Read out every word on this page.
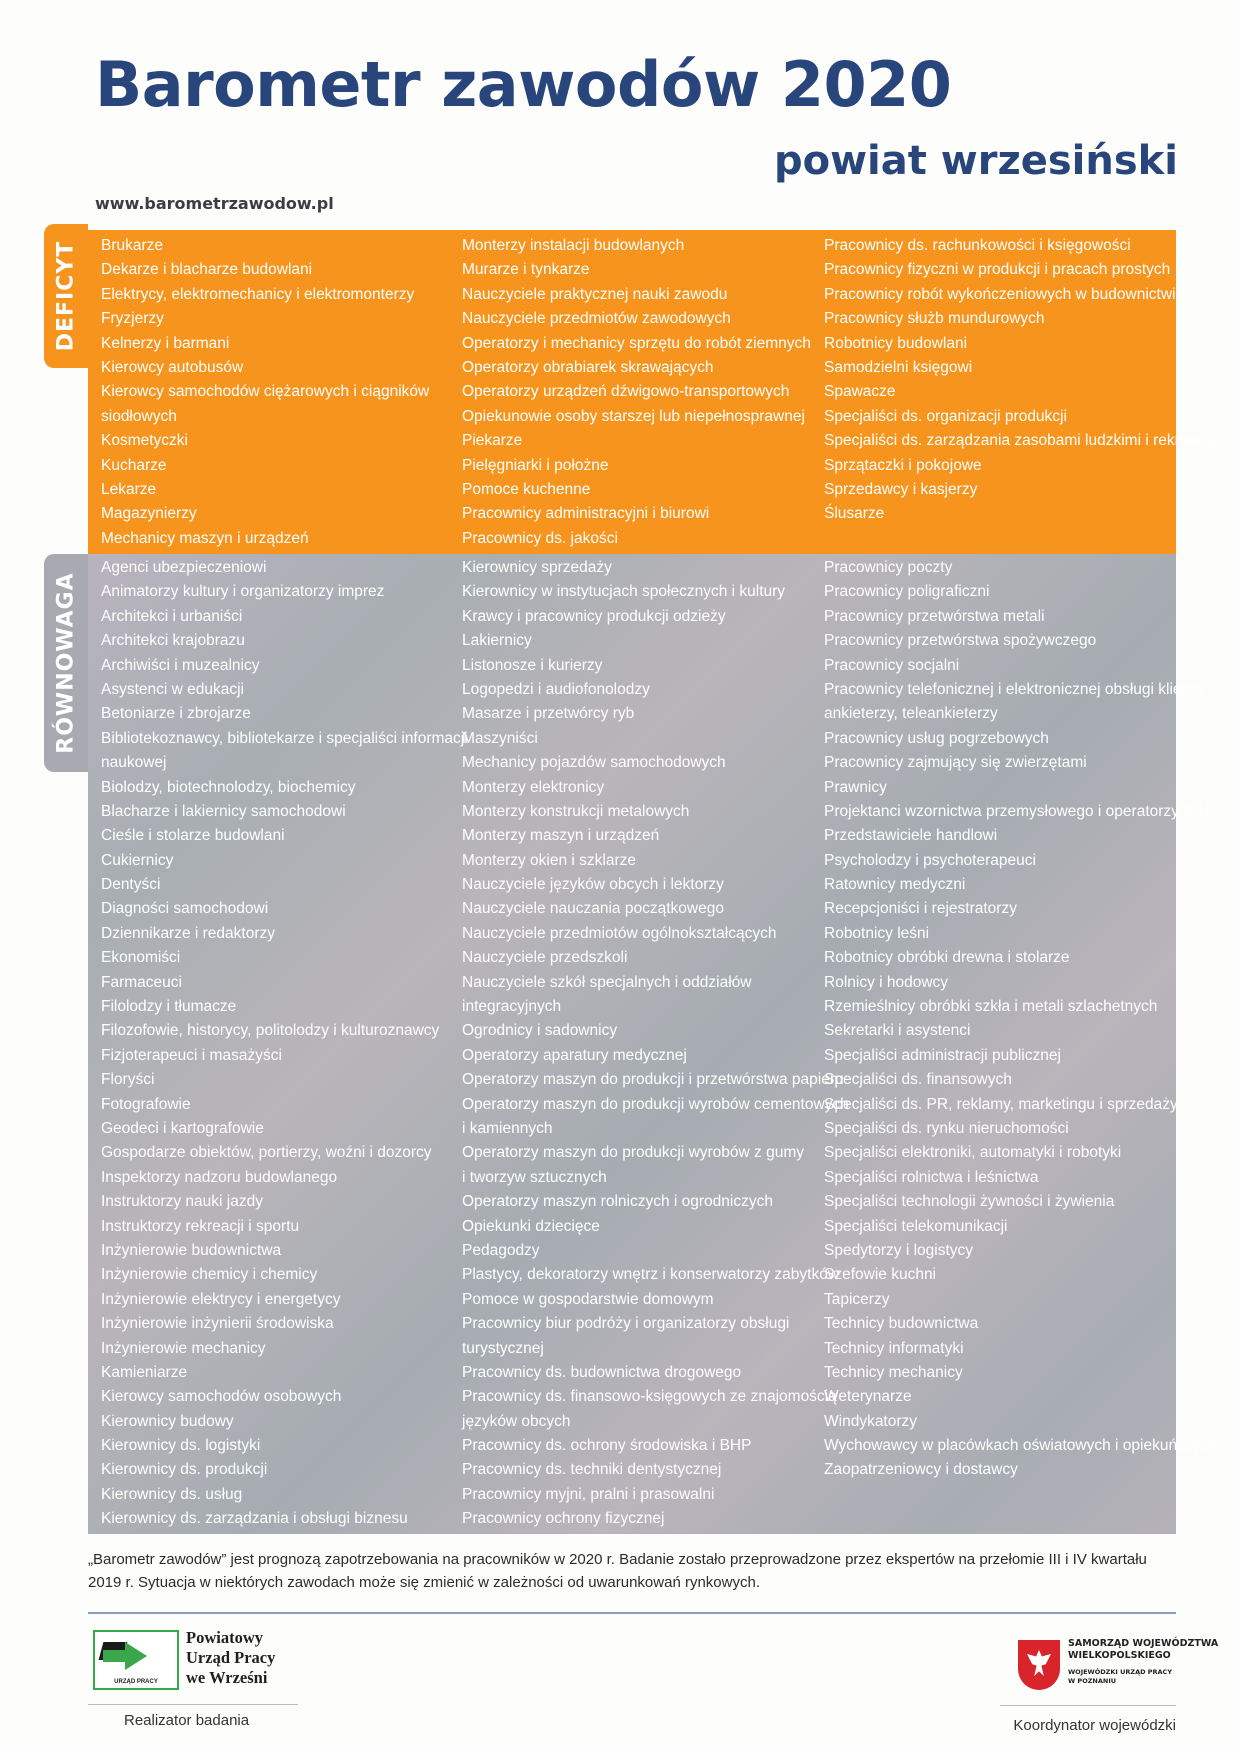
Barometr zawodów 2020
powiat wrzesiński
www.barometrzawodow.pl
DEFICYT Brukarze
Dekarze i blacharze budowlani
Elektrycy, elektromechanicy i elektromonterzy
Fryzjerzy
Kelnerzy i barmani
Kierowcy autobusów
Kierowcy samochodów ciężarowych i ciągników
siodłowych
Kosmetyczki
Kucharze
Lekarze
Magazynierzy
Mechanicy maszyn i urządzeń
Monterzy instalacji budowlanych
Murarze i tynkarze
Nauczyciele praktycznej nauki zawodu
Nauczyciele przedmiotów zawodowych
Operatorzy i mechanicy sprzętu do robót ziemnych
Operatorzy obrabiarek skrawających
Operatorzy urządzeń dźwigowo-transportowych
Opiekunowie osoby starszej lub niepełnosprawnej
Piekarze
Pielęgniarki i położne
Pomoce kuchenne
Pracownicy administracyjni i biurowi
Pracownicy ds. jakości
Pracownicy ds. rachunkowości i księgowości
Pracownicy fizyczni w produkcji i pracach prostych
Pracownicy robót wykończeniowych w budownictwie
Pracownicy służb mundurowych
Robotnicy budowlani
Samodzielni księgowi
Spawacze
Specjaliści ds. organizacji produkcji
Specjaliści ds. zarządzania zasobami ludzkimi i rekrutacji
Sprzątaczki i pokojowe
Sprzedawcy i kasjerzy
Ślusarze
Agenci ubezpieczeniowi
Animatorzy kultury i organizatorzy imprez
Architekci i urbaniści
Architekci krajobrazu
Archiwiści i muzealnicy
Asystenci w edukacji
Betoniarze i zbrojarze
Bibliotekoznawcy, bibliotekarze i specjaliści informacji
naukowej
Biolodzy, biotechnolodzy, biochemicy
Blacharze i lakiernicy samochodowi
Cieśle i stolarze budowlani
Cukiernicy
Dentyści
Diagności samochodowi
Dziennikarze i redaktorzy
Ekonomiści
Farmaceuci
Filolodzy i tłumacze
Filozofowie, historycy, politolodzy i kulturoznawcy
Fizjoterapeuci i masażyści
Floryści
Fotografowie
Geodeci i kartografowie
Gospodarze obiektów, portierzy, woźni i dozorcy
Inspektorzy nadzoru budowlanego
Instruktorzy nauki jazdy
Instruktorzy rekreacji i sportu
Inżynierowie budownictwa
Inżynierowie chemicy i chemicy
Inżynierowie elektrycy i energetycy
Inżynierowie inżynierii środowiska
Inżynierowie mechanicy
Kamieniarze
Kierowcy samochodów osobowych
Kierownicy budowy
Kierownicy ds. logistyki
Kierownicy ds. produkcji
Kierownicy ds. usług
Kierownicy ds. zarządzania i obsługi biznesu
Kierownicy sprzedaży
Kierownicy w instytucjach społecznych i kultury
Krawcy i pracownicy produkcji odzieży
Lakiernicy
Listonosze i kurierzy
Logopedzi i audiofonolodzy
Masarze i przetwórcy ryb
Maszyniści
Mechanicy pojazdów samochodowych
Monterzy elektronicy
Monterzy konstrukcji metalowych
Monterzy maszyn i urządzeń
Monterzy okien i szklarze
Nauczyciele języków obcych i lektorzy
Nauczyciele nauczania początkowego
Nauczyciele przedmiotów ogólnokształcących
Nauczyciele przedszkoli
Nauczyciele szkół specjalnych i oddziałów
integracyjnych
Ogrodnicy i sadownicy
Operatorzy aparatury medycznej
Operatorzy maszyn do produkcji i przetwórstwa papieru
Operatorzy maszyn do produkcji wyrobów cementowych
i kamiennych
Operatorzy maszyn do produkcji wyrobów z gumy
i tworzyw sztucznych
Operatorzy maszyn rolniczych i ogrodniczych
Opiekunki dziecięce
Pedagodzy
Plastycy, dekoratorzy wnętrz i konserwatorzy zabytków
Pomoce w gospodarstwie domowym
Pracownicy biur podróży i organizatorzy obsługi
turystycznej
Pracownicy ds. budownictwa drogowego
Pracownicy ds. finansowo-księgowych ze znajomością
języków obcych
Pracownicy ds. ochrony środowiska i BHP
Pracownicy ds. techniki dentystycznej
Pracownicy myjni, pralni i prasowalni
Pracownicy ochrony fizycznej
Pracownicy poczty
Pracownicy poligraficzni
Pracownicy przetwórstwa metali
Pracownicy przetwórstwa spożywczego
Pracownicy socjalni
Pracownicy telefonicznej i elektronicznej obsługi klienta,
ankieterzy, teleankieterzy
Pracownicy usług pogrzebowych
Pracownicy zajmujący się zwierzętami
Prawnicy
Projektanci wzornictwa przemysłowego i operatorzy CAD
Przedstawiciele handlowi
Psycholodzy i psychoterapeuci
Ratownicy medyczni
Recepcjoniści i rejestratorzy
Robotnicy leśni
Robotnicy obróbki drewna i stolarze
Rolnicy i hodowcy
Rzemieślnicy obróbki szkła i metali szlachetnych
Sekretarki i asystenci
Specjaliści administracji publicznej
Specjaliści ds. finansowych
Specjaliści ds. PR, reklamy, marketingu i sprzedaży
Specjaliści ds. rynku nieruchomości
Specjaliści elektroniki, automatyki i robotyki
Specjaliści rolnictwa i leśnictwa
Specjaliści technologii żywności i żywienia
Specjaliści telekomunikacji
Spedytorzy i logistycy
Szefowie kuchni
Tapicerzy
Technicy budownictwa
Technicy informatyki
Technicy mechanicy
Weterynarze
Windykatorzy
Wychowawcy w placówkach oświatowych i opiekuńczych
Zaopatrzeniowcy i dostawcy
RÓWNOWAGA
„Barometr zawodów” jest prognozą zapotrzebowania na pracowników w 2020 r. Badanie zostało przeprowadzone przez ekspertów na przełomie III i IV kwartału 2019 r. Sytuacja w niektórych zawodach może się zmienić w zależności od uwarunkowań rynkowych.
URZĄD PRACY
Powiatowy
Urząd Pracy
we Wrześni
Realizator badania
SAMORZĄD WOJEWÓDZTWA
WIELKOPOLSKIEGO
WOJEWÓDZKI URZĄD PRACY
W POZNANIU
Koordynator wojewódzki
